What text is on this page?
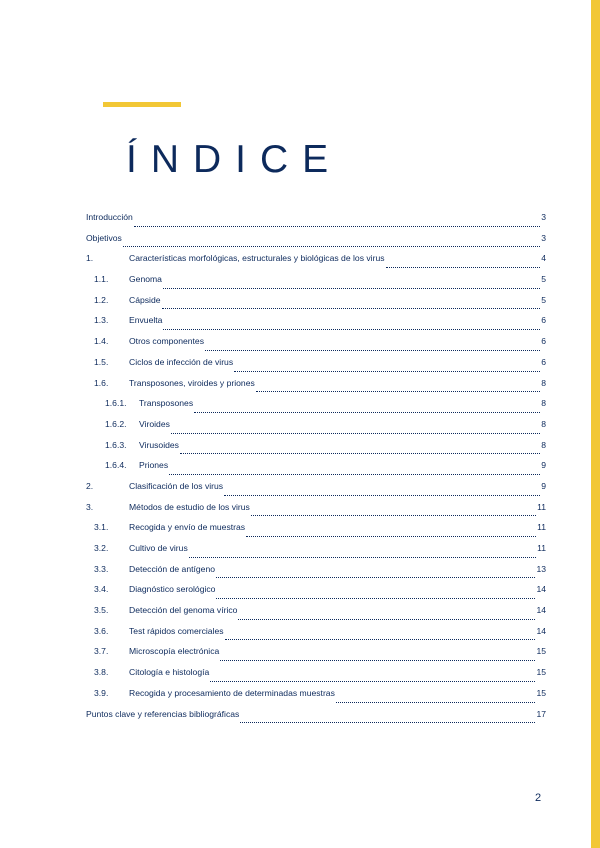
ÍNDICE
Introducción	3
Objetivos	3
1.	Características morfológicas, estructurales y biológicas de los virus	4
1.1.	Genoma	5
1.2.	Cápside	5
1.3.	Envuelta	6
1.4.	Otros componentes	6
1.5.	Ciclos de infección de virus	6
1.6.	Transposones, viroides y priones	8
1.6.1.	Transposones	8
1.6.2.	Viroides	8
1.6.3.	Virusoides	8
1.6.4.	Priones	9
2.	Clasificación de los virus	9
3.	Métodos de estudio de los virus	11
3.1.	Recogida y envío de muestras	11
3.2.	Cultivo de virus	11
3.3.	Detección de antígeno	13
3.4.	Diagnóstico serológico	14
3.5.	Detección del genoma vírico	14
3.6.	Test rápidos comerciales	14
3.7.	Microscopía electrónica	15
3.8.	Citología e histología	15
3.9.	Recogida y procesamiento de determinadas muestras	15
Puntos clave y referencias bibliográficas	17
2
